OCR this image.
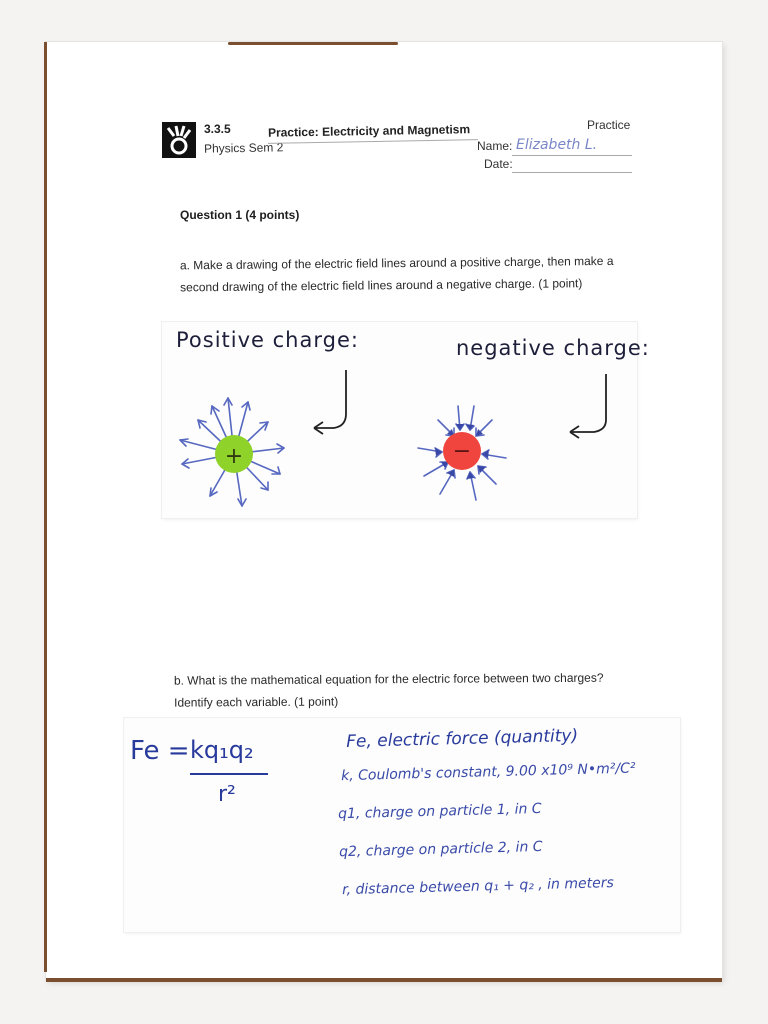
3.3.5
Physics Sem 2
Practice: Electricity and Magnetism	Practice
Name: Elizabeth L.
Date:
Question 1 (4 points)
a. Make a drawing of the electric field lines around a positive charge, then make a
second drawing of the electric field lines around a negative charge. (1 point)
Positive charge:	negative charge:
+	−
b. What is the mathematical equation for the electric force between two charges?
Identify each variable. (1 point)
Fe = kq₁q₂
r²
Fe, electric force (quantity)
k, Coulomb's constant, 9.00 x10⁹ N•m²/C²
q1, charge on particle 1, in C
q2, charge on particle 2, in C
r, distance between q₁ + q₂ , in meters
